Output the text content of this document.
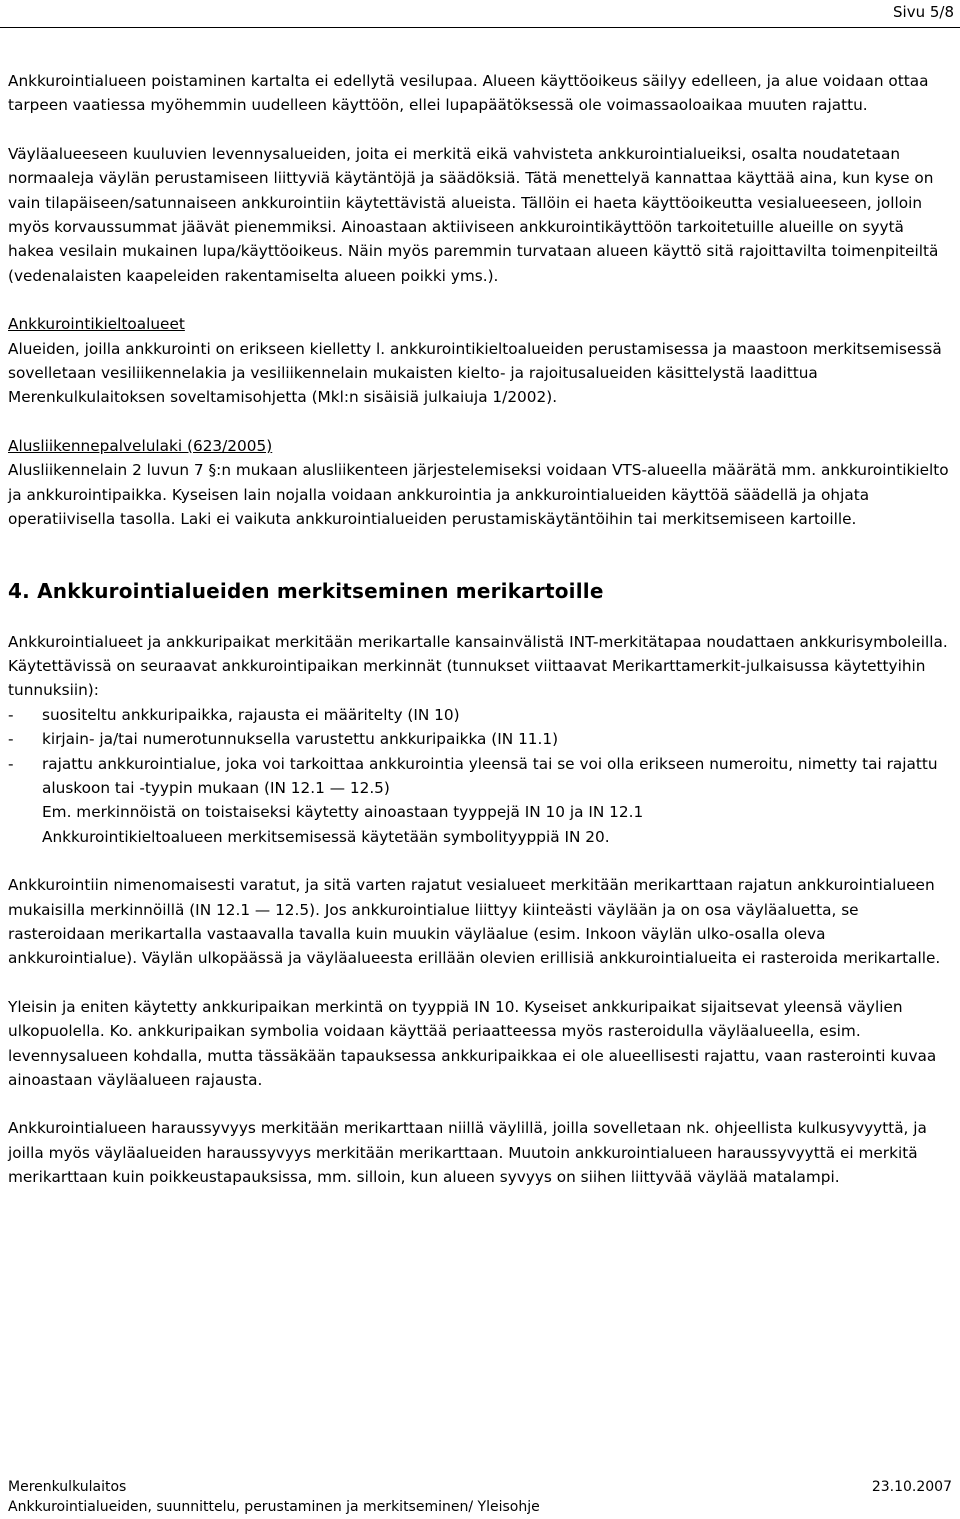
Sivu 5/8

Ankkurointialueen poistaminen kartalta ei edellytä vesilupaa. Alueen käyttöoikeus säilyy edelleen, ja alue voidaan ottaa tarpeen vaatiessa myöhemmin uudelleen käyttöön, ellei lupapäätöksessä ole voimassaoloaikaa muuten rajattu.

Väyläalueeseen kuuluvien levennysalueiden, joita ei merkitä eikä vahvisteta ankkurointialueiksi, osalta noudatetaan normaaleja väylän perustamiseen liittyviä käytäntöjä ja säädöksiä. Tätä menettelyä kannattaa käyttää aina, kun kyse on vain tilapäiseen/satunnaiseen ankkurointiin käytettävistä alueista. Tällöin ei haeta käyttöoikeutta vesialueeseen, jolloin myös korvaussummat jäävät pienemmiksi. Ainoastaan aktiiviseen ankkurointikäyttöön tarkoitetuille alueille on syytä hakea vesilain mukainen lupa/käyttöoikeus. Näin myös paremmin turvataan alueen käyttö sitä rajoittavilta toimenpiteiltä (vedenalaisten kaapeleiden rakentamiselta alueen poikki yms.).

Ankkurointikieltoalueet

Alueiden, joilla ankkurointi on erikseen kielletty l. ankkurointikieltoalueiden perustamisessa ja maastoon merkitsemisessä sovelletaan vesiliikennelakia ja vesiliikennelain mukaisten kielto- ja rajoitusalueiden käsittelystä laadittua Merenkulkulaitoksen soveltamisohjetta (Mkl:n sisäisiä julkaiuja 1/2002).

Alusliikennepalvelulaki (623/2005)

Alusliikennelain 2 luvun 7 §:n mukaan alusliikenteen järjestelemiseksi voidaan VTS-alueella määrätä mm. ankkurointikielto ja ankkurointipaikka. Kyseisen lain nojalla voidaan ankkurointia ja ankkurointialueiden käyttöä säädellä ja ohjata operatiivisella tasolla. Laki ei vaikuta ankkurointialueiden perustamiskäytäntöihin tai merkitsemiseen kartoille.

4. Ankkurointialueiden merkitseminen merikartoille

Ankkurointialueet ja ankkuripaikat merkitään merikartalle kansainvälistä INT-merkitätapaa noudattaen ankkurisymboleilla. Käytettävissä on seuraavat ankkurointipaikan merkinnät (tunnukset viittaavat Merikarttamerkit-julkaisussa käytettyihin tunnuksiin):

- suositeltu ankkuripaikka, rajausta ei määritelty (IN 10)
- kirjain- ja/tai numerotunnuksella varustettu ankkuripaikka (IN 11.1)
- rajattu ankkurointialue, joka voi tarkoittaa ankkurointia yleensä tai se voi olla erikseen numeroitu, nimetty tai rajattu aluskoon tai -tyypin mukaan (IN 12.1 — 12.5)

Em. merkinnöistä on toistaiseksi käytetty ainoastaan tyyppejä IN 10 ja IN 12.1

Ankkurointikieltoalueen merkitsemisessä käytetään symbolityyppiä IN 20.

Ankkurointiin nimenomaisesti varatut, ja sitä varten rajatut vesialueet merkitään merikarttaan rajatun ankkurointialueen mukaisilla merkinnöillä (IN 12.1 — 12.5). Jos ankkurointialue liittyy kiinteästi väylään ja on osa väyläaluetta, se rasteroidaan merikartalla vastaavalla tavalla kuin muukin väyläalue (esim. Inkoon väylän ulko-osalla oleva ankkurointialue). Väylän ulkopäässä ja väyläalueesta erillään olevien erillisiä ankkurointialueita ei rasteroida merikartalle.

Yleisin ja eniten käytetty ankkuripaikan merkintä on tyyppiä IN 10. Kyseiset ankkuripaikat sijaitsevat yleensä väylien ulkopuolella. Ko. ankkuripaikan symbolia voidaan käyttää periaatteessa myös rasteroidulla väyläalueella, esim. levennysalueen kohdalla, mutta tässäkään tapauksessa ankkuripaikkaa ei ole alueellisesti rajattu, vaan rasterointi kuvaa ainoastaan väyläalueen rajausta.

Ankkurointialueen haraussyvyys merkitään merikarttaan niillä väylillä, joilla sovelletaan nk. ohjeellista kulkusyvyyttä, ja joilla myös väyläalueiden haraussyvyys merkitään merikarttaan. Muutoin ankkurointialueen haraussyvyyttä ei merkitä merikarttaan kuin poikkeustapauksissa, mm. silloin, kun alueen syvyys on siihen liittyvää väylää matalampi.

Merenkulkulaitos	23.10.2007
Ankkurointialueiden, suunnittelu, perustaminen ja merkitseminen/ Yleisohje
